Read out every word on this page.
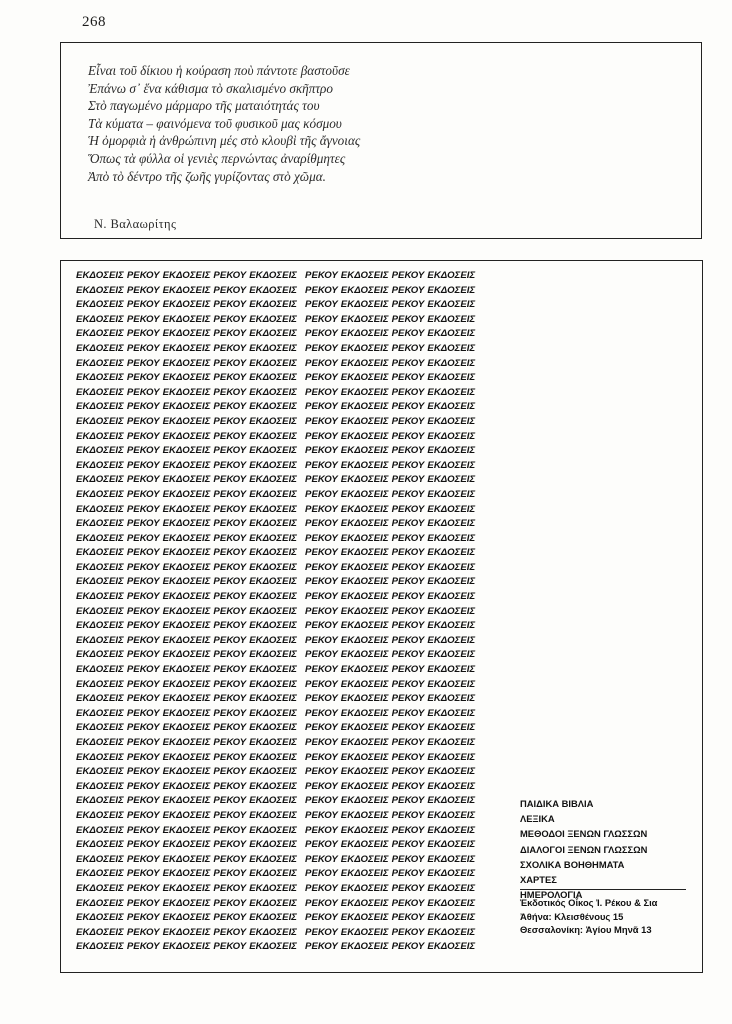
268
Εἶναι τοῦ δίκιου ἡ κούραση ποὺ πάντοτε βαστοῦσε
Ἐπάνω σ᾽ ἕνα κάθισμα τὸ σκαλισμένο σκῆπτρο
Στὸ παγωμένο μάρμαρο τῆς ματαιότητάς του
Τὰ κύματα – φαινόμενα τοῦ φυσικοῦ μας κόσμου
Ἡ ὀμορφιὰ ἡ ἀνθρώπινη μές στὸ κλουβὶ τῆς ἄγνοιας
Ὅπως τὰ φύλλα οἱ γενιὲς περνώντας ἀναρίθμητες
Ἀπὸ τὸ δέντρο τῆς ζωῆς γυρίζοντας στὸ χῶμα.
Ν. Βαλαωρίτης
ΕΚΔΟΣΕΙΣ ΡΕΚΟΥ ΕΚΔΟΣΕΙΣ ΡΕΚΟΥ ΕΚΔΟΣΕΙΣ ΡΕΚΟΥ ΕΚΔΟΣΕΙΣ ΡΕΚΟΥ ΕΚΔΟΣΕΙΣ
ΕΚΔΟΣΕΙΣ ΡΕΚΟΥ ΕΚΔΟΣΕΙΣ ΡΕΚΟΥ ΕΚΔΟΣΕΙΣ ΡΕΚΟΥ ΕΚΔΟΣΕΙΣ ΡΕΚΟΥ ΕΚΔΟΣΕΙΣ
ΕΚΔΟΣΕΙΣ ΡΕΚΟΥ ΕΚΔΟΣΕΙΣ ΡΕΚΟΥ ΕΚΔΟΣΕΙΣ ΡΕΚΟΥ ΕΚΔΟΣΕΙΣ ΡΕΚΟΥ ΕΚΔΟΣΕΙΣ
ΕΚΔΟΣΕΙΣ ΡΕΚΟΥ ΕΚΔΟΣΕΙΣ ΡΕΚΟΥ ΕΚΔΟΣΕΙΣ ΡΕΚΟΥ ΕΚΔΟΣΕΙΣ ΡΕΚΟΥ ΕΚΔΟΣΕΙΣ
ΕΚΔΟΣΕΙΣ ΡΕΚΟΥ ΕΚΔΟΣΕΙΣ ΡΕΚΟΥ ΕΚΔΟΣΕΙΣ ΡΕΚΟΥ ΕΚΔΟΣΕΙΣ ΡΕΚΟΥ ΕΚΔΟΣΕΙΣ
ΕΚΔΟΣΕΙΣ ΡΕΚΟΥ ΕΚΔΟΣΕΙΣ ΡΕΚΟΥ ΕΚΔΟΣΕΙΣ ΡΕΚΟΥ ΕΚΔΟΣΕΙΣ ΡΕΚΟΥ ΕΚΔΟΣΕΙΣ
ΕΚΔΟΣΕΙΣ ΡΕΚΟΥ ΕΚΔΟΣΕΙΣ ΡΕΚΟΥ ΕΚΔΟΣΕΙΣ ΡΕΚΟΥ ΕΚΔΟΣΕΙΣ ΡΕΚΟΥ ΕΚΔΟΣΕΙΣ
ΕΚΔΟΣΕΙΣ ΡΕΚΟΥ ΕΚΔΟΣΕΙΣ ΡΕΚΟΥ ΕΚΔΟΣΕΙΣ ΡΕΚΟΥ ΕΚΔΟΣΕΙΣ ΡΕΚΟΥ ΕΚΔΟΣΕΙΣ
ΕΚΔΟΣΕΙΣ ΡΕΚΟΥ ΕΚΔΟΣΕΙΣ ΡΕΚΟΥ ΕΚΔΟΣΕΙΣ ΡΕΚΟΥ ΕΚΔΟΣΕΙΣ ΡΕΚΟΥ ΕΚΔΟΣΕΙΣ
ΕΚΔΟΣΕΙΣ ΡΕΚΟΥ ΕΚΔΟΣΕΙΣ ΡΕΚΟΥ ΕΚΔΟΣΕΙΣ ΡΕΚΟΥ ΕΚΔΟΣΕΙΣ ΡΕΚΟΥ ΕΚΔΟΣΕΙΣ
ΕΚΔΟΣΕΙΣ ΡΕΚΟΥ ΕΚΔΟΣΕΙΣ ΡΕΚΟΥ ΕΚΔΟΣΕΙΣ ΡΕΚΟΥ ΕΚΔΟΣΕΙΣ ΡΕΚΟΥ ΕΚΔΟΣΕΙΣ
ΕΚΔΟΣΕΙΣ ΡΕΚΟΥ ΕΚΔΟΣΕΙΣ ΡΕΚΟΥ ΕΚΔΟΣΕΙΣ ΡΕΚΟΥ ΕΚΔΟΣΕΙΣ ΡΕΚΟΥ ΕΚΔΟΣΕΙΣ
ΕΚΔΟΣΕΙΣ ΡΕΚΟΥ ΕΚΔΟΣΕΙΣ ΡΕΚΟΥ ΕΚΔΟΣΕΙΣ ΡΕΚΟΥ ΕΚΔΟΣΕΙΣ ΡΕΚΟΥ ΕΚΔΟΣΕΙΣ
ΕΚΔΟΣΕΙΣ ΡΕΚΟΥ ΕΚΔΟΣΕΙΣ ΡΕΚΟΥ ΕΚΔΟΣΕΙΣ ΡΕΚΟΥ ΕΚΔΟΣΕΙΣ ΡΕΚΟΥ ΕΚΔΟΣΕΙΣ
ΕΚΔΟΣΕΙΣ ΡΕΚΟΥ ΕΚΔΟΣΕΙΣ ΡΕΚΟΥ ΕΚΔΟΣΕΙΣ ΡΕΚΟΥ ΕΚΔΟΣΕΙΣ ΡΕΚΟΥ ΕΚΔΟΣΕΙΣ
ΕΚΔΟΣΕΙΣ ΡΕΚΟΥ ΕΚΔΟΣΕΙΣ ΡΕΚΟΥ ΕΚΔΟΣΕΙΣ ΡΕΚΟΥ ΕΚΔΟΣΕΙΣ ΡΕΚΟΥ ΕΚΔΟΣΕΙΣ
ΕΚΔΟΣΕΙΣ ΡΕΚΟΥ ΕΚΔΟΣΕΙΣ ΡΕΚΟΥ ΕΚΔΟΣΕΙΣ ΡΕΚΟΥ ΕΚΔΟΣΕΙΣ ΡΕΚΟΥ ΕΚΔΟΣΕΙΣ
ΕΚΔΟΣΕΙΣ ΡΕΚΟΥ ΕΚΔΟΣΕΙΣ ΡΕΚΟΥ ΕΚΔΟΣΕΙΣ ΡΕΚΟΥ ΕΚΔΟΣΕΙΣ ΡΕΚΟΥ ΕΚΔΟΣΕΙΣ
ΕΚΔΟΣΕΙΣ ΡΕΚΟΥ ΕΚΔΟΣΕΙΣ ΡΕΚΟΥ ΕΚΔΟΣΕΙΣ ΡΕΚΟΥ ΕΚΔΟΣΕΙΣ ΡΕΚΟΥ ΕΚΔΟΣΕΙΣ
ΕΚΔΟΣΕΙΣ ΡΕΚΟΥ ΕΚΔΟΣΕΙΣ ΡΕΚΟΥ ΕΚΔΟΣΕΙΣ ΡΕΚΟΥ ΕΚΔΟΣΕΙΣ ΡΕΚΟΥ ΕΚΔΟΣΕΙΣ
ΕΚΔΟΣΕΙΣ ΡΕΚΟΥ ΕΚΔΟΣΕΙΣ ΡΕΚΟΥ ΕΚΔΟΣΕΙΣ ΡΕΚΟΥ ΕΚΔΟΣΕΙΣ ΡΕΚΟΥ ΕΚΔΟΣΕΙΣ
ΕΚΔΟΣΕΙΣ ΡΕΚΟΥ ΕΚΔΟΣΕΙΣ ΡΕΚΟΥ ΕΚΔΟΣΕΙΣ ΡΕΚΟΥ ΕΚΔΟΣΕΙΣ ΡΕΚΟΥ ΕΚΔΟΣΕΙΣ
ΕΚΔΟΣΕΙΣ ΡΕΚΟΥ ΕΚΔΟΣΕΙΣ ΡΕΚΟΥ ΕΚΔΟΣΕΙΣ ΡΕΚΟΥ ΕΚΔΟΣΕΙΣ ΡΕΚΟΥ ΕΚΔΟΣΕΙΣ
ΕΚΔΟΣΕΙΣ ΡΕΚΟΥ ΕΚΔΟΣΕΙΣ ΡΕΚΟΥ ΕΚΔΟΣΕΙΣ ΡΕΚΟΥ ΕΚΔΟΣΕΙΣ ΡΕΚΟΥ ΕΚΔΟΣΕΙΣ
ΕΚΔΟΣΕΙΣ ΡΕΚΟΥ ΕΚΔΟΣΕΙΣ ΡΕΚΟΥ ΕΚΔΟΣΕΙΣ ΡΕΚΟΥ ΕΚΔΟΣΕΙΣ ΡΕΚΟΥ ΕΚΔΟΣΕΙΣ
ΕΚΔΟΣΕΙΣ ΡΕΚΟΥ ΕΚΔΟΣΕΙΣ ΡΕΚΟΥ ΕΚΔΟΣΕΙΣ ΡΕΚΟΥ ΕΚΔΟΣΕΙΣ ΡΕΚΟΥ ΕΚΔΟΣΕΙΣ
ΕΚΔΟΣΕΙΣ ΡΕΚΟΥ ΕΚΔΟΣΕΙΣ ΡΕΚΟΥ ΕΚΔΟΣΕΙΣ ΡΕΚΟΥ ΕΚΔΟΣΕΙΣ ΡΕΚΟΥ ΕΚΔΟΣΕΙΣ
ΕΚΔΟΣΕΙΣ ΡΕΚΟΥ ΕΚΔΟΣΕΙΣ ΡΕΚΟΥ ΕΚΔΟΣΕΙΣ ΡΕΚΟΥ ΕΚΔΟΣΕΙΣ ΡΕΚΟΥ ΕΚΔΟΣΕΙΣ
ΕΚΔΟΣΕΙΣ ΡΕΚΟΥ ΕΚΔΟΣΕΙΣ ΡΕΚΟΥ ΕΚΔΟΣΕΙΣ ΡΕΚΟΥ ΕΚΔΟΣΕΙΣ ΡΕΚΟΥ ΕΚΔΟΣΕΙΣ
ΕΚΔΟΣΕΙΣ ΡΕΚΟΥ ΕΚΔΟΣΕΙΣ ΡΕΚΟΥ ΕΚΔΟΣΕΙΣ ΡΕΚΟΥ ΕΚΔΟΣΕΙΣ ΡΕΚΟΥ ΕΚΔΟΣΕΙΣ
ΕΚΔΟΣΕΙΣ ΡΕΚΟΥ ΕΚΔΟΣΕΙΣ ΡΕΚΟΥ ΕΚΔΟΣΕΙΣ ΡΕΚΟΥ ΕΚΔΟΣΕΙΣ ΡΕΚΟΥ ΕΚΔΟΣΕΙΣ
ΕΚΔΟΣΕΙΣ ΡΕΚΟΥ ΕΚΔΟΣΕΙΣ ΡΕΚΟΥ ΕΚΔΟΣΕΙΣ ΡΕΚΟΥ ΕΚΔΟΣΕΙΣ ΡΕΚΟΥ ΕΚΔΟΣΕΙΣ
ΕΚΔΟΣΕΙΣ ΡΕΚΟΥ ΕΚΔΟΣΕΙΣ ΡΕΚΟΥ ΕΚΔΟΣΕΙΣ ΡΕΚΟΥ ΕΚΔΟΣΕΙΣ ΡΕΚΟΥ ΕΚΔΟΣΕΙΣ
ΕΚΔΟΣΕΙΣ ΡΕΚΟΥ ΕΚΔΟΣΕΙΣ ΡΕΚΟΥ ΕΚΔΟΣΕΙΣ ΡΕΚΟΥ ΕΚΔΟΣΕΙΣ ΡΕΚΟΥ ΕΚΔΟΣΕΙΣ
ΕΚΔΟΣΕΙΣ ΡΕΚΟΥ ΕΚΔΟΣΕΙΣ ΡΕΚΟΥ ΕΚΔΟΣΕΙΣ ΡΕΚΟΥ ΕΚΔΟΣΕΙΣ ΡΕΚΟΥ ΕΚΔΟΣΕΙΣ
ΕΚΔΟΣΕΙΣ ΡΕΚΟΥ ΕΚΔΟΣΕΙΣ ΡΕΚΟΥ ΕΚΔΟΣΕΙΣ ΡΕΚΟΥ ΕΚΔΟΣΕΙΣ ΡΕΚΟΥ ΕΚΔΟΣΕΙΣ
ΕΚΔΟΣΕΙΣ ΡΕΚΟΥ ΕΚΔΟΣΕΙΣ ΡΕΚΟΥ ΕΚΔΟΣΕΙΣ ΡΕΚΟΥ ΕΚΔΟΣΕΙΣ ΡΕΚΟΥ ΕΚΔΟΣΕΙΣ
ΕΚΔΟΣΕΙΣ ΡΕΚΟΥ ΕΚΔΟΣΕΙΣ ΡΕΚΟΥ ΕΚΔΟΣΕΙΣ ΡΕΚΟΥ ΕΚΔΟΣΕΙΣ ΡΕΚΟΥ ΕΚΔΟΣΕΙΣ
ΕΚΔΟΣΕΙΣ ΡΕΚΟΥ ΕΚΔΟΣΕΙΣ ΡΕΚΟΥ ΕΚΔΟΣΕΙΣ ΡΕΚΟΥ ΕΚΔΟΣΕΙΣ ΡΕΚΟΥ ΕΚΔΟΣΕΙΣ
ΕΚΔΟΣΕΙΣ ΡΕΚΟΥ ΕΚΔΟΣΕΙΣ ΡΕΚΟΥ ΕΚΔΟΣΕΙΣ ΡΕΚΟΥ ΕΚΔΟΣΕΙΣ ΡΕΚΟΥ ΕΚΔΟΣΕΙΣ
ΕΚΔΟΣΕΙΣ ΡΕΚΟΥ ΕΚΔΟΣΕΙΣ ΡΕΚΟΥ ΕΚΔΟΣΕΙΣ ΡΕΚΟΥ ΕΚΔΟΣΕΙΣ ΡΕΚΟΥ ΕΚΔΟΣΕΙΣ
ΕΚΔΟΣΕΙΣ ΡΕΚΟΥ ΕΚΔΟΣΕΙΣ ΡΕΚΟΥ ΕΚΔΟΣΕΙΣ ΡΕΚΟΥ ΕΚΔΟΣΕΙΣ ΡΕΚΟΥ ΕΚΔΟΣΕΙΣ
ΕΚΔΟΣΕΙΣ ΡΕΚΟΥ ΕΚΔΟΣΕΙΣ ΡΕΚΟΥ ΕΚΔΟΣΕΙΣ ΡΕΚΟΥ ΕΚΔΟΣΕΙΣ ΡΕΚΟΥ ΕΚΔΟΣΕΙΣ
ΕΚΔΟΣΕΙΣ ΡΕΚΟΥ ΕΚΔΟΣΕΙΣ ΡΕΚΟΥ ΕΚΔΟΣΕΙΣ ΡΕΚΟΥ ΕΚΔΟΣΕΙΣ ΡΕΚΟΥ ΕΚΔΟΣΕΙΣ
ΕΚΔΟΣΕΙΣ ΡΕΚΟΥ ΕΚΔΟΣΕΙΣ ΡΕΚΟΥ ΕΚΔΟΣΕΙΣ ΡΕΚΟΥ ΕΚΔΟΣΕΙΣ ΡΕΚΟΥ ΕΚΔΟΣΕΙΣ
ΕΚΔΟΣΕΙΣ ΡΕΚΟΥ ΕΚΔΟΣΕΙΣ ΡΕΚΟΥ ΕΚΔΟΣΕΙΣ ΡΕΚΟΥ ΕΚΔΟΣΕΙΣ ΡΕΚΟΥ ΕΚΔΟΣΕΙΣ
ΕΚΔΟΣΕΙΣ ΡΕΚΟΥ ΕΚΔΟΣΕΙΣ ΡΕΚΟΥ ΕΚΔΟΣΕΙΣ ΡΕΚΟΥ ΕΚΔΟΣΕΙΣ ΡΕΚΟΥ ΕΚΔΟΣΕΙΣ
ΠΑΙΔΙΚΑ ΒΙΒΛΙΑ
ΛΕΞΙΚΑ
ΜΕΘΟΔΟΙ ΞΕΝΩΝ ΓΛΩΣΣΩΝ
ΔΙΑΛΟΓΟΙ ΞΕΝΩΝ ΓΛΩΣΣΩΝ
ΣΧΟΛΙΚΑ ΒΟΗΘΗΜΑΤΑ
ΧΑΡΤΕΣ
ΗΜΕΡΟΛΟΓΙΑ
Ἐκδοτικός Οἶκος Ἰ. Ρέκου & Σια
Ἀθήνα: Κλεισθένους 15
Θεσσαλονίκη: Ἁγίου Μηνᾶ 13
